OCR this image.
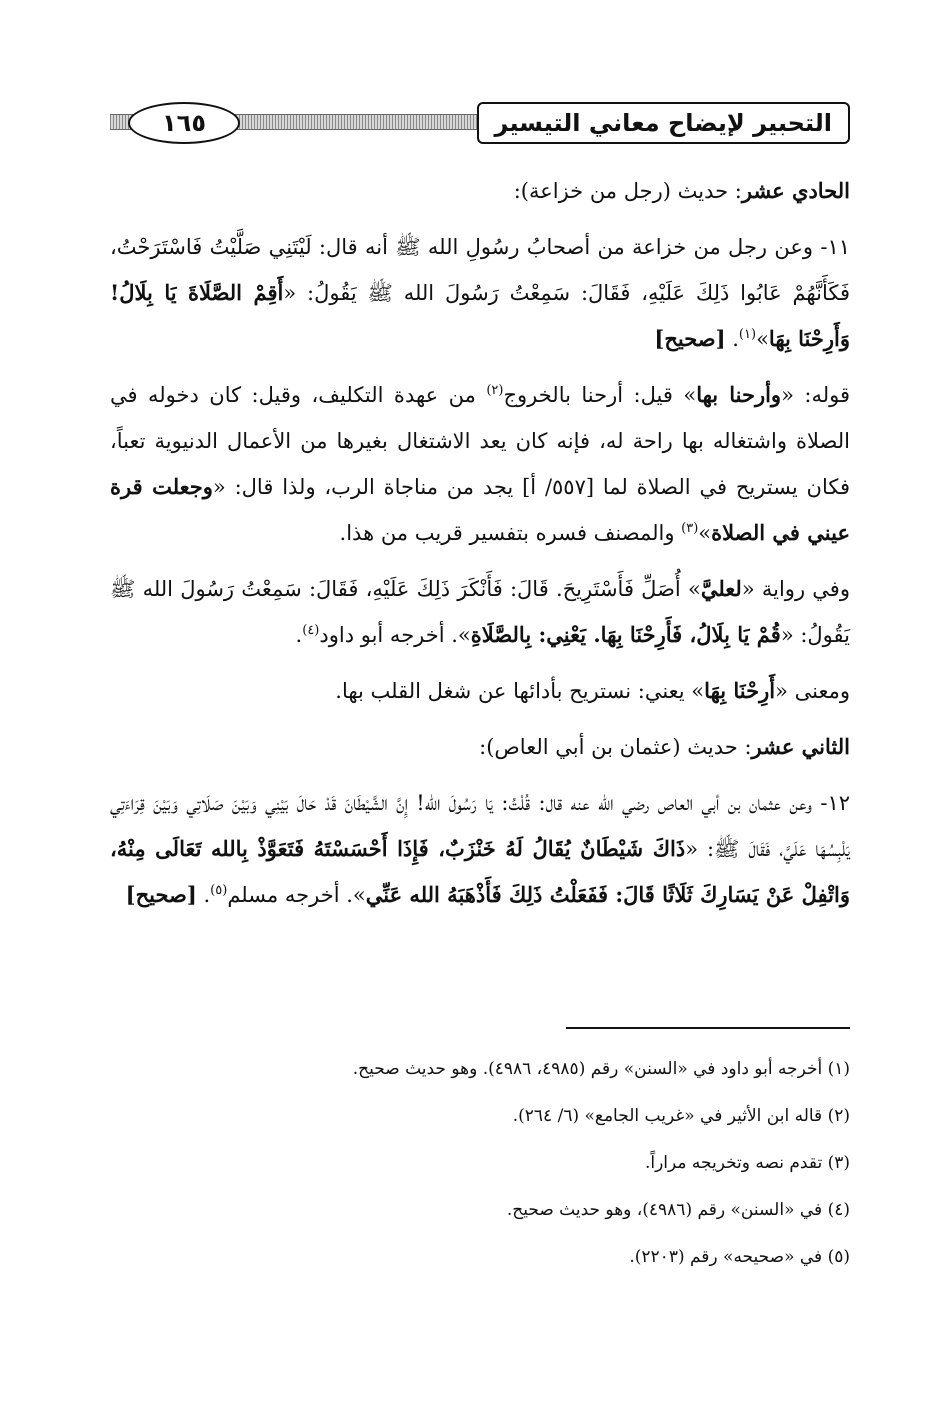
التحبير لإيضاح معاني التيسير
١٦٥

الحادي عشر: حديث (رجل من خزاعة):

١١- وعن رجل من خزاعة من أصحابُ رسُولِ الله ﷺ أنه قال: لَيْتَنِي صَلَّيْتُ فَاسْتَرَحْتُ، فَكَأَنَّهُمْ عَابُوا ذَلِكَ عَلَيْهِ، فَقَالَ: سَمِعْتُ رَسُولَ الله ﷺ يَقُولُ: «أَقِمْ الصَّلَاةَ يَا بِلَالُ! وَأَرِحْنَا بِهَا»$^{(١)}$. [صحيح]

قوله: «وأرحنا بها» قيل: أرحنا بالخروج$^{(٢)}$ من عهدة التكليف، وقيل: كان دخوله في الصلاة واشتغاله بها راحة له، فإنه كان يعد الاشتغال بغيرها من الأعمال الدنيوية تعباً، فكان يستريح في الصلاة لما [٥٥٧/ أ] يجد من مناجاة الرب، ولذا قال: «وجعلت قرة عيني في الصلاة»$^{(٣)}$ والمصنف فسره بتفسير قريب من هذا.

وفي رواية «لعليَّ» أُصَلِّ فَأَسْتَرِيحَ. قَالَ: فَأَنْكَرَ ذَلِكَ عَلَيْهِ، فَقَالَ: سَمِعْتُ رَسُولَ الله ﷺ يَقُولُ: «قُمْ يَا بِلَالُ، فَأَرِحْنَا بِهَا. يَعْنِي: بِالصَّلَاةِ». أخرجه أبو داود$^{(٤)}$.

ومعنى «أَرِحْنَا بِهَا» يعني: نستريح بأدائها عن شغل القلب بها.

الثاني عشر: حديث (عثمان بن أبي العاص):

١٢- وعن عثمان بن أبي العاص رضي الله عنه قال: قُلْتُ: يَا رَسُولَ الله! إِنَّ الشَّيْطَانَ قَدْ حَالَ بَيْنِي وَبَيْنَ صَلَاتِي وَبَيْنَ قِرَاءَتِي يَلْبِسُهَا عَلَيَّ، فَقَالَ ﷺ: «ذَاكَ شَيْطَانٌ يُقَالُ لَهُ خَنْزَبٌ، فَإِذَا أَحْسَسْتَهُ فَتَعَوَّذْ بِالله تَعَالَى مِنْهُ، وَاتْفِلْ عَنْ يَسَارِكَ ثَلَاثًا قَالَ: فَفَعَلْتُ ذَلِكَ فَأَذْهَبَهُ الله عَنِّي». أخرجه مسلم$^{(٥)}$. [صحيح]

(١) أخرجه أبو داود في «السنن» رقم (٤٩٨٥، ٤٩٨٦). وهو حديث صحيح.
(٢) قاله ابن الأثير في «غريب الجامع» (٦/ ٢٦٤).
(٣) تقدم نصه وتخريجه مراراً.
(٤) في «السنن» رقم (٤٩٨٦)، وهو حديث صحيح.
(٥) في «صحيحه» رقم (٢٢٠٣).
